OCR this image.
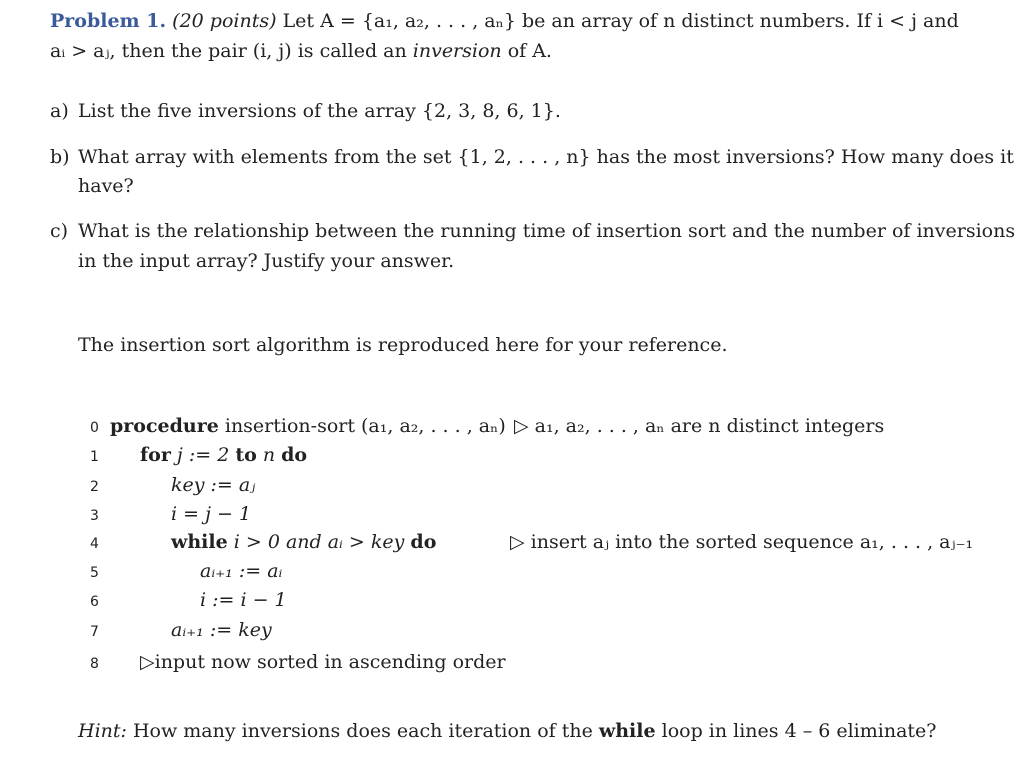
Problem 1. (20 points) Let A = {a₁, a₂, . . . , aₙ} be an array of n distinct numbers. If i < j and
aᵢ > aⱼ, then the pair (i, j) is called an inversion of A.
a) List the five inversions of the array {2, 3, 8, 6, 1}.
b) What array with elements from the set {1, 2, . . . , n} has the most inversions? How many does it
have?
c) What is the relationship between the running time of insertion sort and the number of inversions
in the input array? Justify your answer.
The insertion sort algorithm is reproduced here for your reference.
0 procedure insertion-sort (a₁, a₂, . . . , aₙ) ▷ a₁, a₂, . . . , aₙ are n distinct integers
1 for j := 2 to n do
2	key := aⱼ
3	i = j − 1
4	while i > 0 and aᵢ > key do	▷ insert aⱼ into the sorted sequence a₁, . . . , aⱼ₋₁
5	aᵢ₊₁ := aᵢ
6	i := i − 1
7	aᵢ₊₁ := key
8 ▷input now sorted in ascending order
Hint: How many inversions does each iteration of the while loop in lines 4 – 6 eliminate?
